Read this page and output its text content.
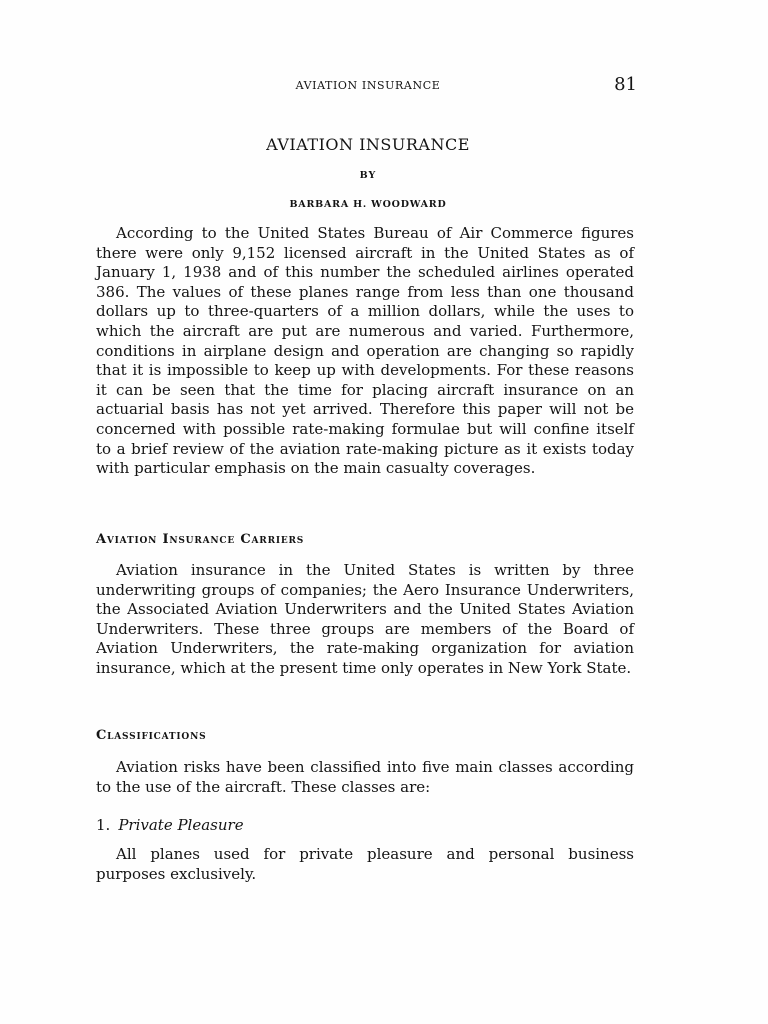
AVIATION INSURANCE	81
AVIATION INSURANCE
BY
BARBARA H. WOODWARD

According to the United States Bureau of Air Commerce figures there were only 9,152 licensed aircraft in the United States as of January 1, 1938 and of this number the scheduled airlines operated 386. The values of these planes range from less than one thousand dollars up to three-quarters of a million dollars, while the uses to which the aircraft are put are numerous and varied. Furthermore, conditions in airplane design and operation are changing so rapidly that it is impossible to keep up with developments. For these reasons it can be seen that the time for placing aircraft insurance on an actuarial basis has not yet arrived. Therefore this paper will not be concerned with possible rate-making formulae but will confine itself to a brief review of the aviation rate-making picture as it exists today with particular emphasis on the main casualty coverages.

Aviation Insurance Carriers

Aviation insurance in the United States is written by three underwriting groups of companies; the Aero Insurance Underwriters, the Associated Aviation Underwriters and the United States Aviation Underwriters. These three groups are members of the Board of Aviation Underwriters, the rate-making organization for aviation insurance, which at the present time only operates in New York State.

Classifications

Aviation risks have been classified into five main classes according to the use of the aircraft. These classes are:

1. Private Pleasure

All planes used for private pleasure and personal business purposes exclusively.
